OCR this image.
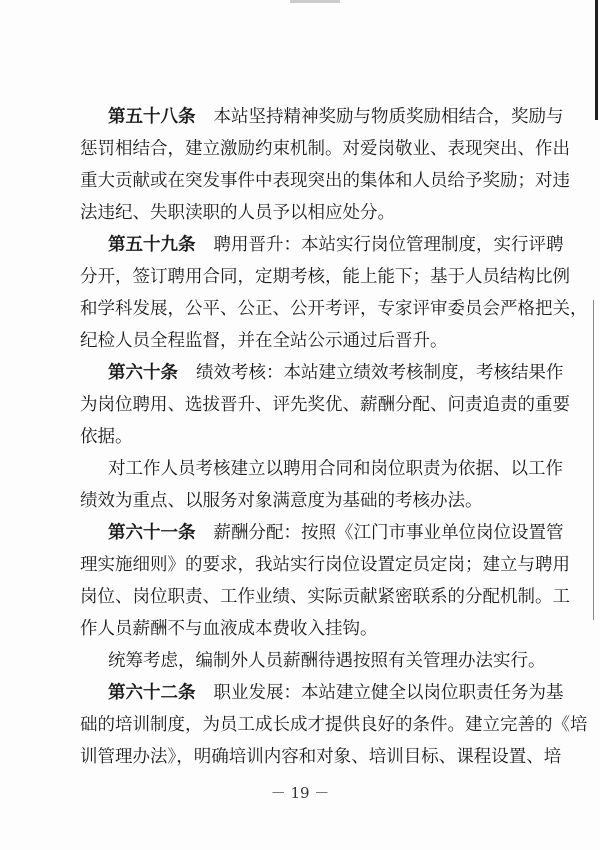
第五十八条 本站坚持精神奖励与物质奖励相结合，奖励与
惩罚相结合，建立激励约束机制。对爱岗敬业、表现突出、作出
重大贡献或在突发事件中表现突出的集体和人员给予奖励；对违
法违纪、失职渎职的人员予以相应处分。
第五十九条 聘用晋升：本站实行岗位管理制度，实行评聘
分开，签订聘用合同，定期考核，能上能下；基于人员结构比例
和学科发展，公平、公正、公开考评，专家评审委员会严格把关，
纪检人员全程监督，并在全站公示通过后晋升。
第六十条 绩效考核：本站建立绩效考核制度，考核结果作
为岗位聘用、选拔晋升、评先奖优、薪酬分配、问责追责的重要
依据。
对工作人员考核建立以聘用合同和岗位职责为依据、以工作
绩效为重点、以服务对象满意度为基础的考核办法。
第六十一条 薪酬分配：按照《江门市事业单位岗位设置管
理实施细则》的要求，我站实行岗位设置定员定岗；建立与聘用
岗位、岗位职责、工作业绩、实际贡献紧密联系的分配机制。工
作人员薪酬不与血液成本费收入挂钩。
统筹考虑，编制外人员薪酬待遇按照有关管理办法实行。
第六十二条 职业发展：本站建立健全以岗位职责任务为基
础的培训制度，为员工成长成才提供良好的条件。建立完善的《培
训管理办法》，明确培训内容和对象、培训目标、课程设置、培
－ 19 －
